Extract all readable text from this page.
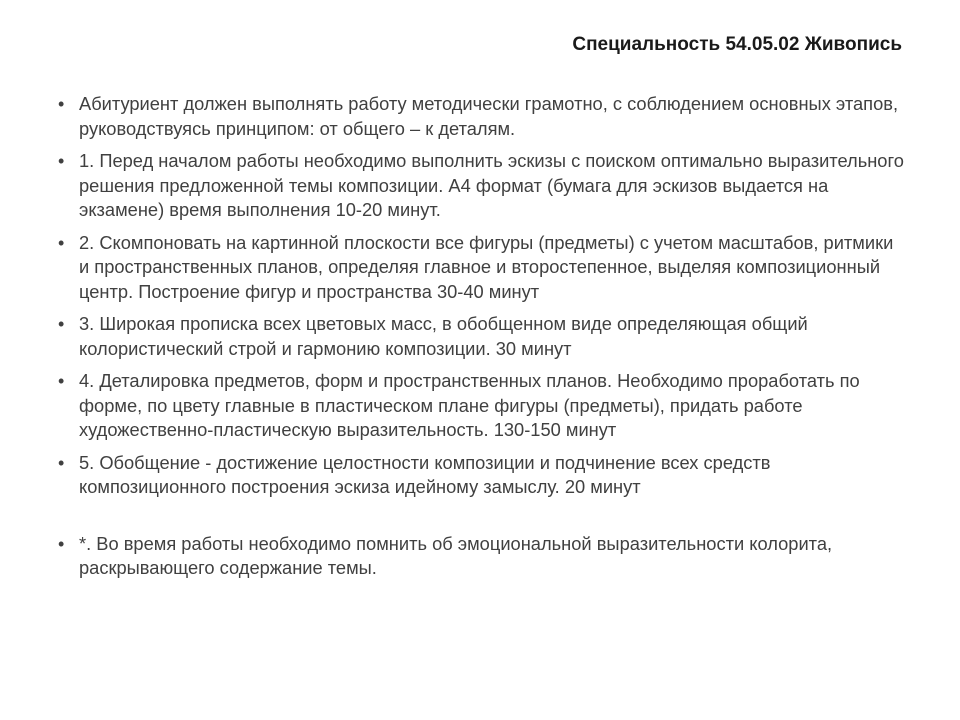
Специальность 54.05.02 Живопись
• Абитуриент должен выполнять работу методически грамотно, с соблюдением основных этапов, руководствуясь принципом: от общего – к деталям.
• 1. Перед началом работы необходимо выполнить эскизы с поиском оптимально выразительного решения предложенной темы композиции. А4 формат (бумага для эскизов выдается на экзамене) время выполнения 10-20 минут.
• 2. Скомпоновать на картинной плоскости все фигуры (предметы) с учетом масштабов, ритмики и пространственных планов, определяя главное и второстепенное, выделяя композиционный центр. Построение фигур и пространства 30-40 минут
• 3. Широкая прописка всех цветовых масс, в обобщенном виде определяющая общий колористический строй и гармонию композиции. 30 минут
• 4. Деталировка предметов, форм и пространственных планов. Необходимо проработать по форме, по цвету главные в пластическом плане фигуры (предметы), придать работе художественно-пластическую выразительность. 130-150 минут
• 5. Обобщение - достижение целостности композиции и подчинение всех средств композиционного построения эскиза идейному замыслу. 20 минут
• *. Во время работы необходимо помнить об эмоциональной выразительности колорита, раскрывающего содержание темы.
